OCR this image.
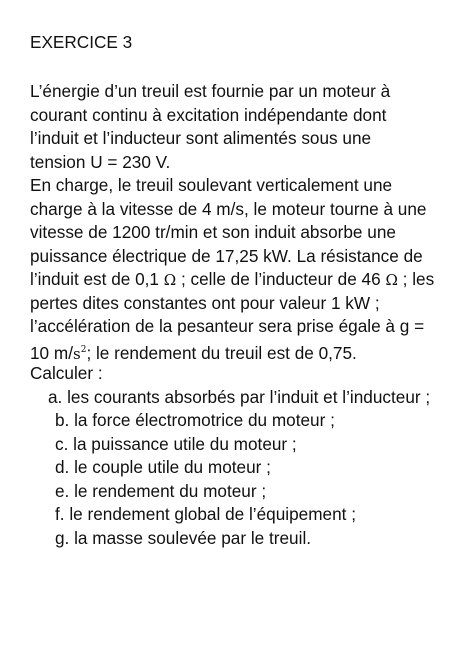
EXERCICE 3
L’énergie d’un treuil est fournie par un moteur à
courant continu à excitation indépendante dont
l’induit et l’inducteur sont alimentés sous une
tension U = 230 V.
En charge, le treuil soulevant verticalement une
charge à la vitesse de 4 m/s, le moteur tourne à une
vitesse de 1200 tr/min et son induit absorbe une
puissance électrique de 17,25 kW. La résistance de
l’induit est de 0,1 Ω ; celle de l’inducteur de 46 Ω ; les
pertes dites constantes ont pour valeur 1 kW ;
l’accélération de la pesanteur sera prise égale à g =
10 $m/s^2$; le rendement du treuil est de 0,75.
Calculer :
a. les courants absorbés par l’induit et l’inducteur ;
b. la force électromotrice du moteur ;
c. la puissance utile du moteur ;
d. le couple utile du moteur ;
e. le rendement du moteur ;
f. le rendement global de l’équipement ;
g. la masse soulevée par le treuil.
